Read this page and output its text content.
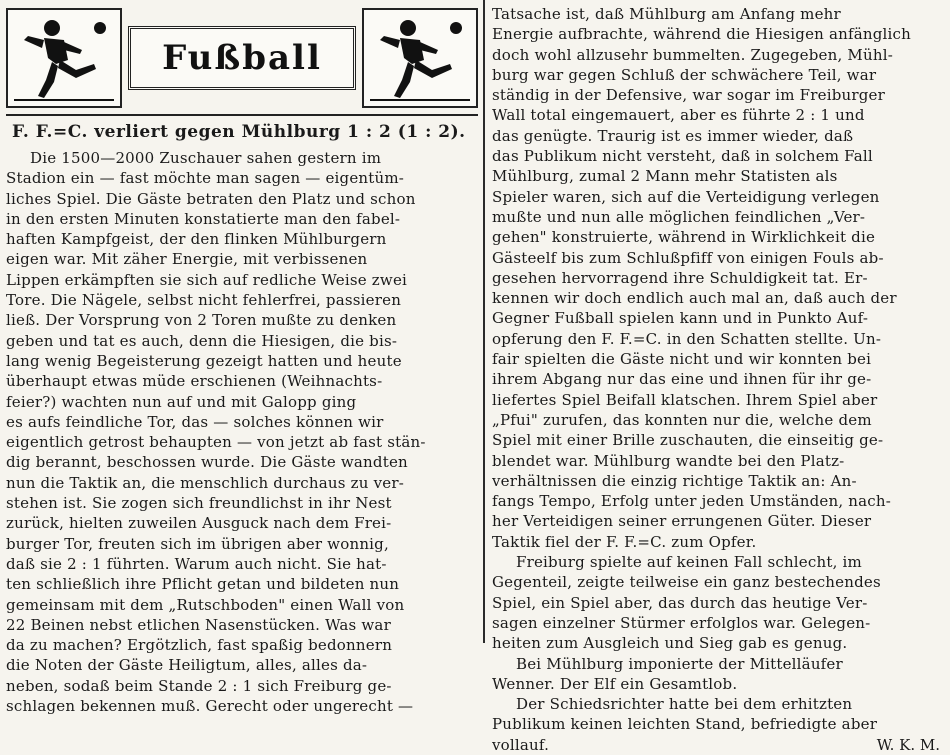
Fußball
F. F.=C. verliert gegen Mühlburg 1 : 2 (1 : 2).
Die 1500—2000 Zuschauer sahen gestern im
Stadion ein — fast möchte man sagen — eigentüm-
liches Spiel. Die Gäste betraten den Platz und schon
in den ersten Minuten konstatierte man den fabel-
haften Kampfgeist, der den flinken Mühlburgern
eigen war. Mit zäher Energie, mit verbissenen
Lippen erkämpften sie sich auf redliche Weise zwei
Tore. Die Nägele, selbst nicht fehlerfrei, passieren
ließ. Der Vorsprung von 2 Toren mußte zu denken
geben und tat es auch, denn die Hiesigen, die bis-
lang wenig Begeisterung gezeigt hatten und heute
überhaupt etwas müde erschienen (Weihnachts-
feier?) wachten nun auf und mit Galopp ging
es aufs feindliche Tor, das — solches können wir
eigentlich getrost behaupten — von jetzt ab fast stän-
dig berannt, beschossen wurde. Die Gäste wandten
nun die Taktik an, die menschlich durchaus zu ver-
stehen ist. Sie zogen sich freundlichst in ihr Nest
zurück, hielten zuweilen Ausguck nach dem Frei-
burger Tor, freuten sich im übrigen aber wonnig,
daß sie 2 : 1 führten. Warum auch nicht. Sie hat-
ten schließlich ihre Pflicht getan und bildeten nun
gemeinsam mit dem „Rutschboden" einen Wall von
22 Beinen nebst etlichen Nasenstücken. Was war
da zu machen? Ergötzlich, fast spaßig bedonnern
die Noten der Gäste Heiligtum, alles, alles da-
neben, sodaß beim Stande 2 : 1 sich Freiburg ge-
schlagen bekennen muß. Gerecht oder ungerecht —
Tatsache ist, daß Mühlburg am Anfang mehr
Energie aufbrachte, während die Hiesigen anfänglich
doch wohl allzusehr bummelten. Zugegeben, Mühl-
burg war gegen Schluß der schwächere Teil, war
ständig in der Defensive, war sogar im Freiburger
Wall total eingemauert, aber es führte 2 : 1 und
das genügte. Traurig ist es immer wieder, daß
das Publikum nicht versteht, daß in solchem Fall
Mühlburg, zumal 2 Mann mehr Statisten als
Spieler waren, sich auf die Verteidigung verlegen
mußte und nun alle möglichen feindlichen „Ver-
gehen" konstruierte, während in Wirklichkeit die
Gästeelf bis zum Schlußpfiff von einigen Fouls ab-
gesehen hervorragend ihre Schuldigkeit tat. Er-
kennen wir doch endlich auch mal an, daß auch der
Gegner Fußball spielen kann und in Punkto Auf-
opferung den F. F.=C. in den Schatten stellte. Un-
fair spielten die Gäste nicht und wir konnten bei
ihrem Abgang nur das eine und ihnen für ihr ge-
liefertes Spiel Beifall klatschen. Ihrem Spiel aber
„Pfui" zurufen, das konnten nur die, welche dem
Spiel mit einer Brille zuschauten, die einseitig ge-
blendet war. Mühlburg wandte bei den Platz-
verhältnissen die einzig richtige Taktik an: An-
fangs Tempo, Erfolg unter jeden Umständen, nach-
her Verteidigen seiner errungenen Güter. Dieser
Taktik fiel der F. F.=C. zum Opfer.
Freiburg spielte auf keinen Fall schlecht, im
Gegenteil, zeigte teilweise ein ganz bestechendes
Spiel, ein Spiel aber, das durch das heutige Ver-
sagen einzelner Stürmer erfolglos war. Gelegen-
heiten zum Ausgleich und Sieg gab es genug.
Bei Mühlburg imponierte der Mittelläufer
Wenner. Der Elf ein Gesamtlob.
Der Schiedsrichter hatte bei dem erhitzten
Publikum keinen leichten Stand, befriedigte aber
vollauf.	W. K. M.
